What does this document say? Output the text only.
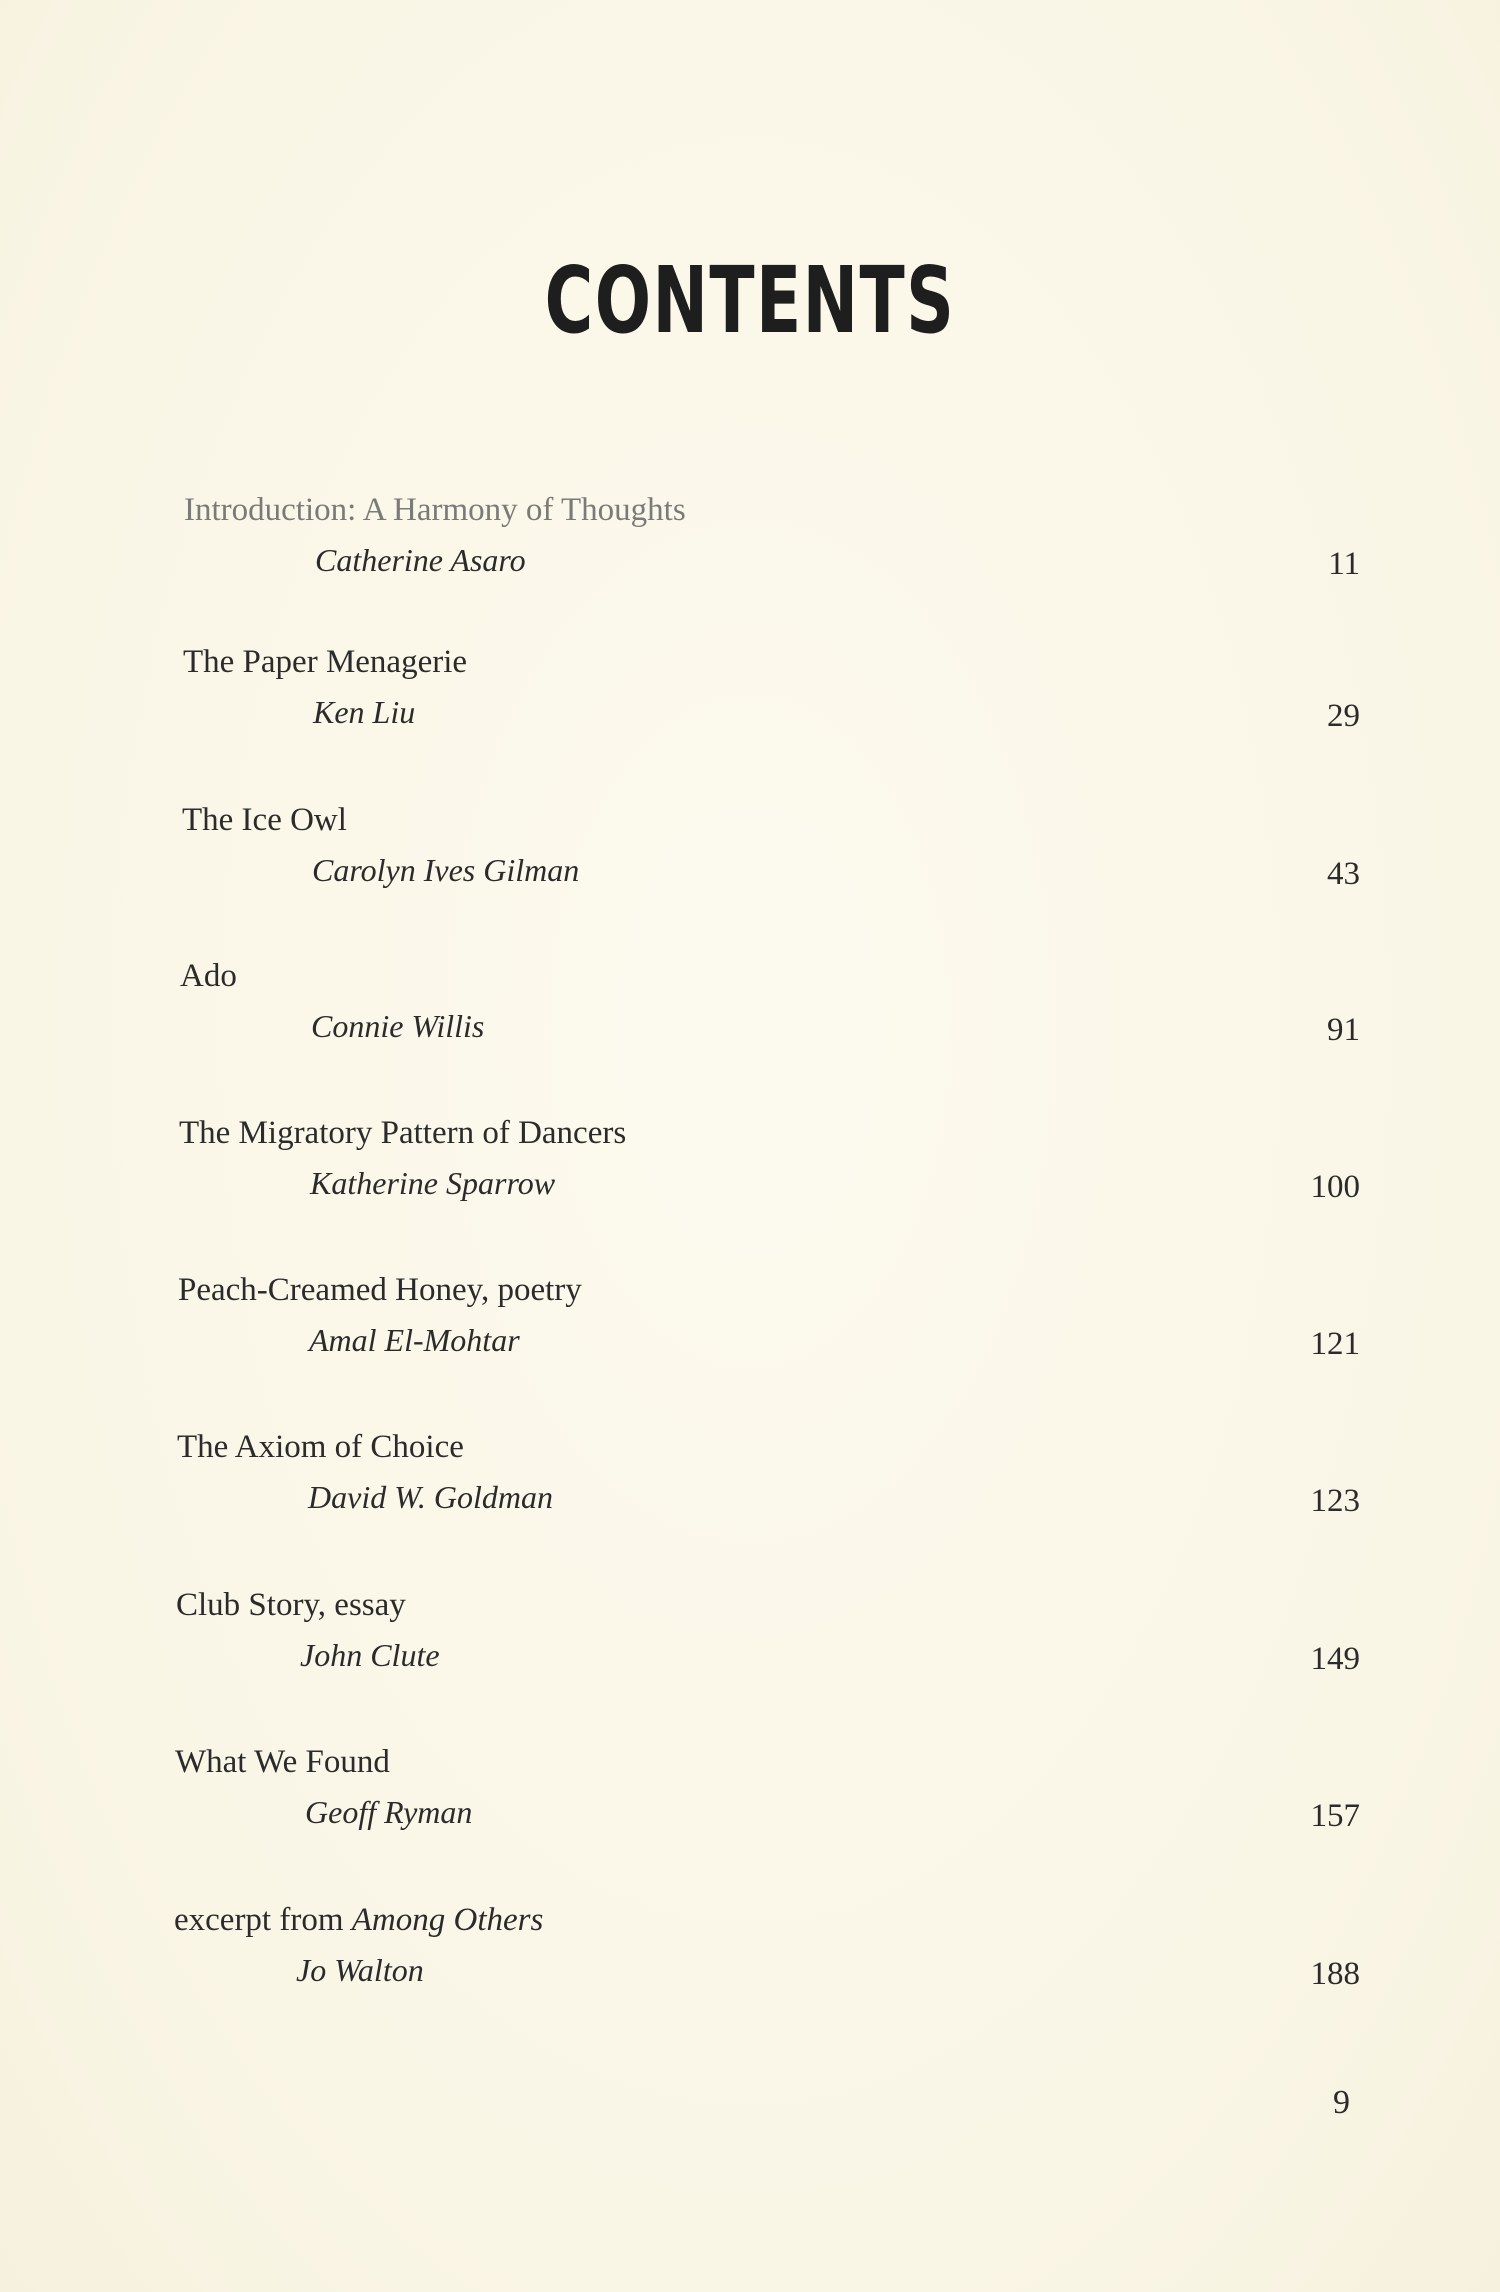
CONTENTS
Introduction: A Harmony of Thoughts
Catherine Asaro	11
The Paper Menagerie
Ken Liu	29
The Ice Owl
Carolyn Ives Gilman	43
Ado
Connie Willis	91
The Migratory Pattern of Dancers
Katherine Sparrow	100
Peach-Creamed Honey, poetry
Amal El-Mohtar	121
The Axiom of Choice
David W. Goldman	123
Club Story, essay
John Clute	149
What We Found
Geoff Ryman	157
excerpt from Among Others
Jo Walton	188
9
